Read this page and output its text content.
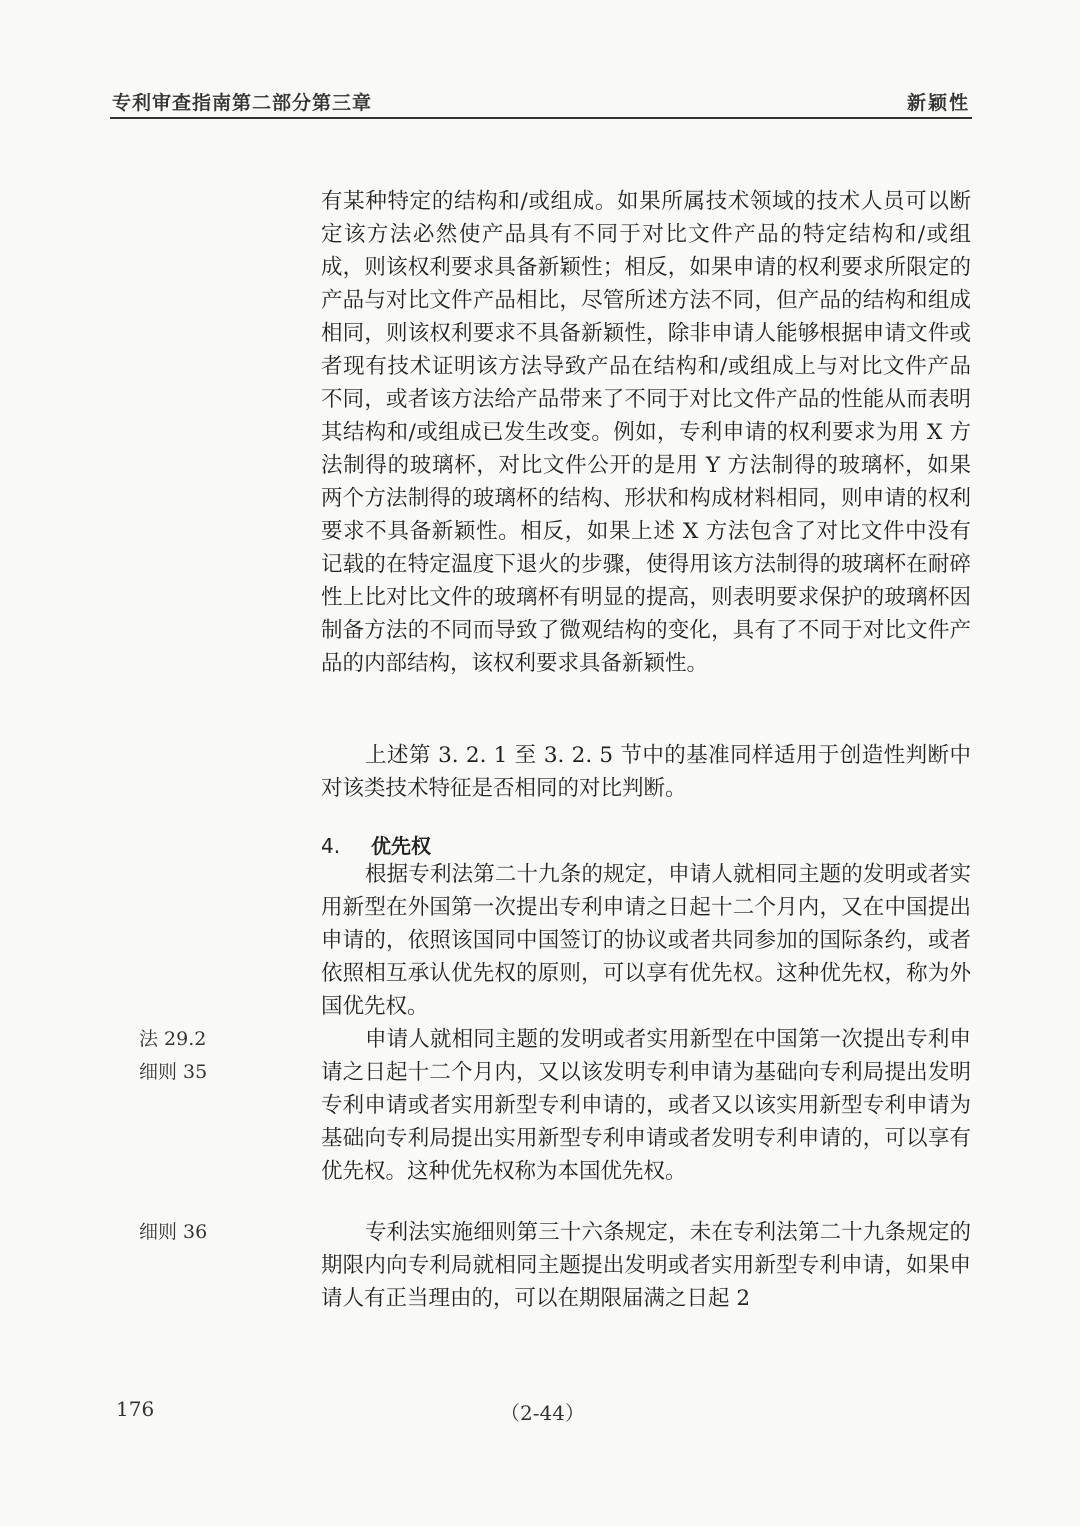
专利审查指南第二部分第三章	新颖性

有某种特定的结构和/或组成。如果所属技术领域的技术人员可以断定该方法必然使产品具有不同于对比文件产品的特定结构和/或组成，则该权利要求具备新颖性；相反，如果申请的权利要求所限定的产品与对比文件产品相比，尽管所述方法不同，但产品的结构和组成相同，则该权利要求不具备新颖性，除非申请人能够根据申请文件或者现有技术证明该方法导致产品在结构和/或组成上与对比文件产品不同，或者该方法给产品带来了不同于对比文件产品的性能从而表明其结构和/或组成已发生改变。例如，专利申请的权利要求为用 X 方法制得的玻璃杯，对比文件公开的是用 Y 方法制得的玻璃杯，如果两个方法制得的玻璃杯的结构、形状和构成材料相同，则申请的权利要求不具备新颖性。相反，如果上述 X 方法包含了对比文件中没有记载的在特定温度下退火的步骤，使得用该方法制得的玻璃杯在耐碎性上比对比文件的玻璃杯有明显的提高，则表明要求保护的玻璃杯因制备方法的不同而导致了微观结构的变化，具有了不同于对比文件产品的内部结构，该权利要求具备新颖性。

上述第 3. 2. 1 至 3. 2. 5 节中的基准同样适用于创造性判断中对该类技术特征是否相同的对比判断。

4. 优先权

根据专利法第二十九条的规定，申请人就相同主题的发明或者实用新型在外国第一次提出专利申请之日起十二个月内，又在中国提出申请的，依照该国同中国签订的协议或者共同参加的国际条约，或者依照相互承认优先权的原则，可以享有优先权。这种优先权，称为外国优先权。

申请人就相同主题的发明或者实用新型在中国第一次提出专利申请之日起十二个月内，又以该发明专利申请为基础向专利局提出发明专利申请或者实用新型专利申请的，或者又以该实用新型专利申请为基础向专利局提出实用新型专利申请或者发明专利申请的，可以享有优先权。这种优先权称为本国优先权。

专利法实施细则第三十六条规定，未在专利法第二十九条规定的期限内向专利局就相同主题提出发明或者实用新型专利申请，如果申请人有正当理由的，可以在期限届满之日起 2

法 29.2
细则 35
细则 36
176	（2-44）
